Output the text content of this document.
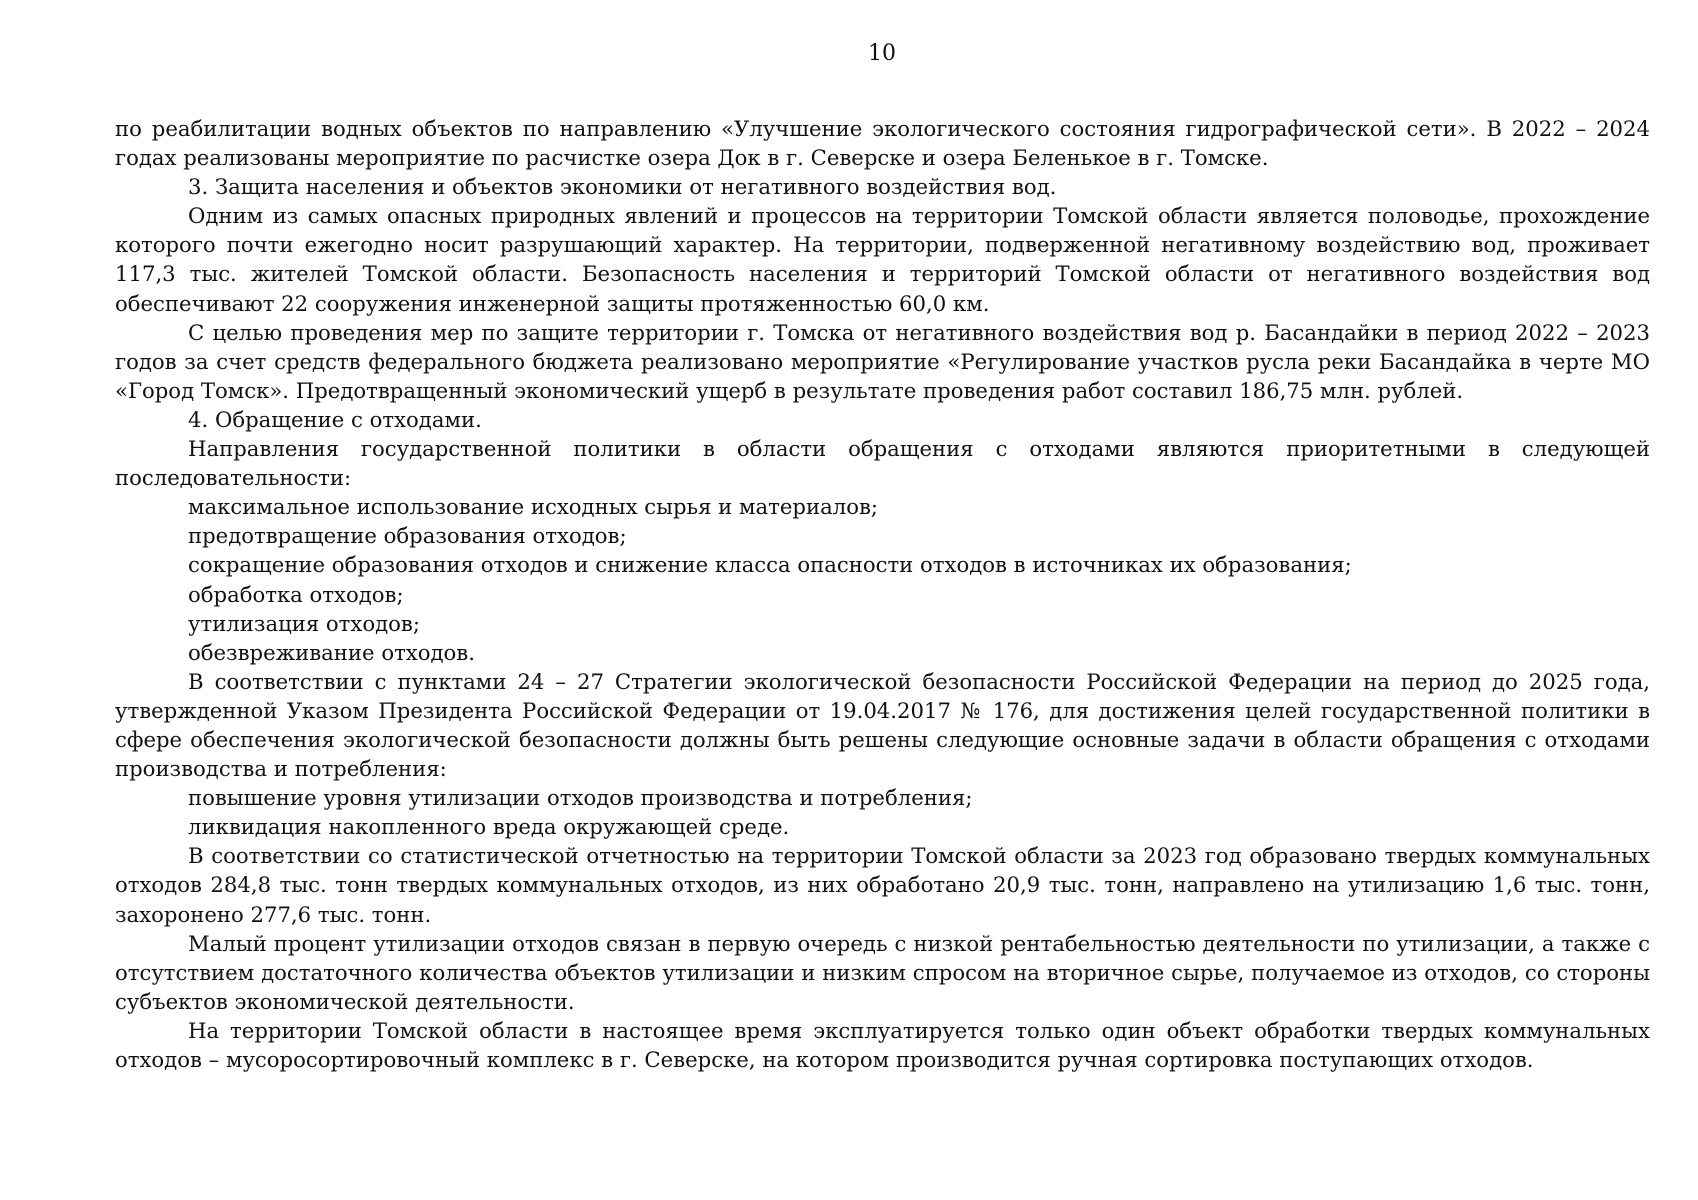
10

по реабилитации водных объектов по направлению «Улучшение экологического состояния гидрографической сети». В 2022 – 2024 годах реализованы мероприятие по расчистке озера Док в г. Северске и озера Беленькое в г. Томске.

3. Защита населения и объектов экономики от негативного воздействия вод.

Одним из самых опасных природных явлений и процессов на территории Томской области является половодье, прохождение которого почти ежегодно носит разрушающий характер. На территории, подверженной негативному воздействию вод, проживает 117,3 тыс. жителей Томской области. Безопасность населения и территорий Томской области от негативного воздействия вод обеспечивают 22 сооружения инженерной защиты протяженностью 60,0 км.

С целью проведения мер по защите территории г. Томска от негативного воздействия вод р. Басандайки в период 2022 – 2023 годов за счет средств федерального бюджета реализовано мероприятие «Регулирование участков русла реки Басандайка в черте МО «Город Томск». Предотвращенный экономический ущерб в результате проведения работ составил 186,75 млн. рублей.

4. Обращение с отходами.

Направления государственной политики в области обращения с отходами являются приоритетными в следующей последовательности:

максимальное использование исходных сырья и материалов;

предотвращение образования отходов;

сокращение образования отходов и снижение класса опасности отходов в источниках их образования;

обработка отходов;

утилизация отходов;

обезвреживание отходов.

В соответствии с пунктами 24 – 27 Стратегии экологической безопасности Российской Федерации на период до 2025 года, утвержденной Указом Президента Российской Федерации от 19.04.2017 № 176, для достижения целей государственной политики в сфере обеспечения экологической безопасности должны быть решены следующие основные задачи в области обращения с отходами производства и потребления:

повышение уровня утилизации отходов производства и потребления;

ликвидация накопленного вреда окружающей среде.

В соответствии со статистической отчетностью на территории Томской области за 2023 год образовано твердых коммунальных отходов 284,8 тыс. тонн твердых коммунальных отходов, из них обработано 20,9 тыс. тонн, направлено на утилизацию 1,6 тыс. тонн, захоронено 277,6 тыс. тонн.

Малый процент утилизации отходов связан в первую очередь с низкой рентабельностью деятельности по утилизации, а также с отсутствием достаточного количества объектов утилизации и низким спросом на вторичное сырье, получаемое из отходов, со стороны субъектов экономической деятельности.

На территории Томской области в настоящее время эксплуатируется только один объект обработки твердых коммунальных отходов – мусоросортировочный комплекс в г. Северске, на котором производится ручная сортировка поступающих отходов.
